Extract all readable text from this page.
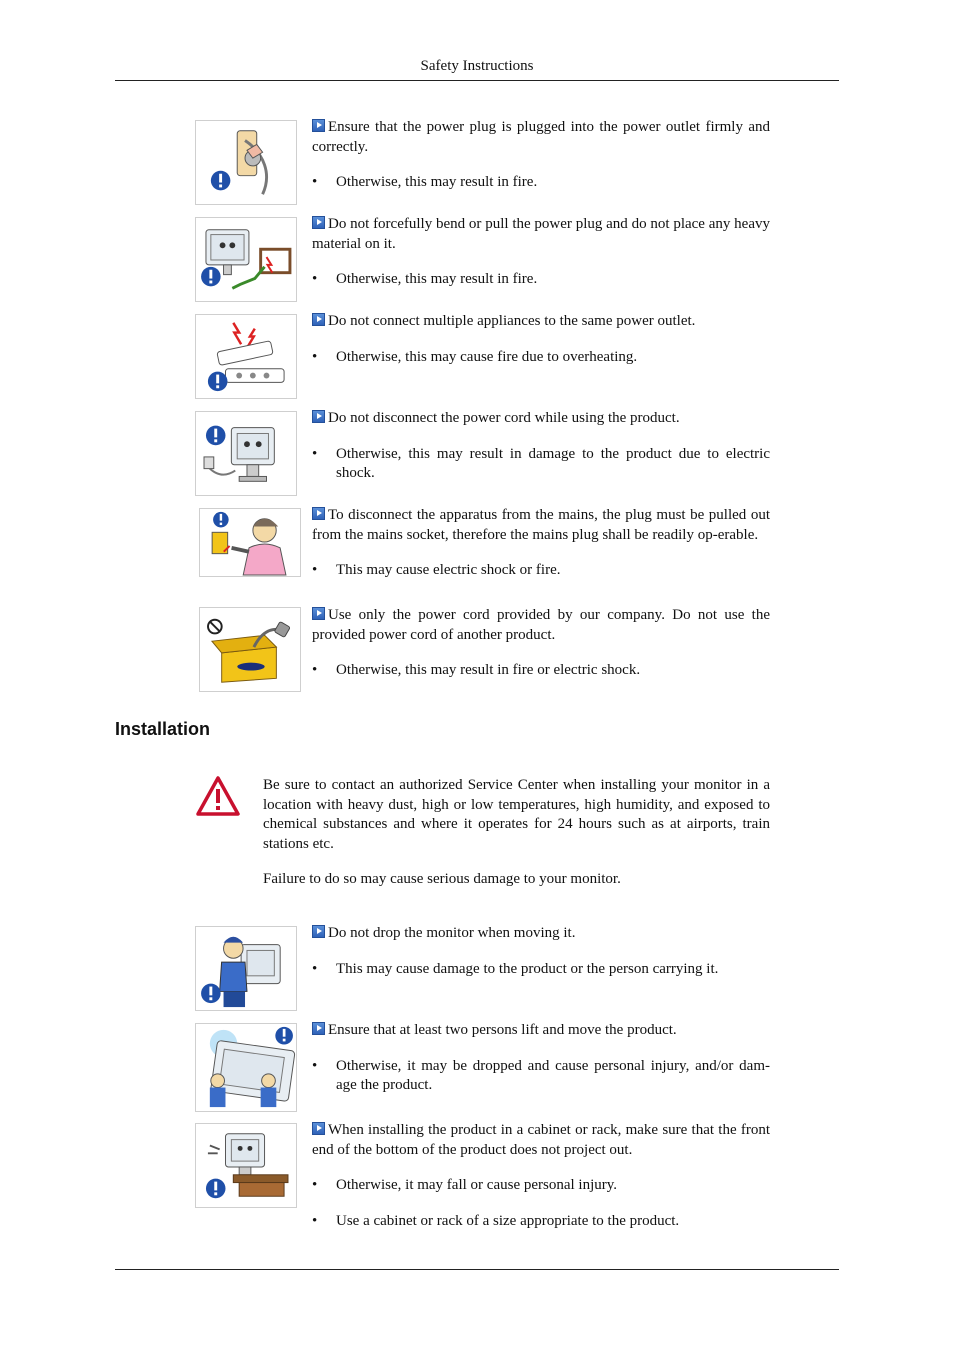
Safety Instructions

Ensure that the power plug is plugged into the power outlet firmly and correctly.

• Otherwise, this may result in fire.

Do not forcefully bend or pull the power plug and do not place any heavy material on it.

• Otherwise, this may result in fire.

Do not connect multiple appliances to the same power outlet.

• Otherwise, this may cause fire due to overheating.

Do not disconnect the power cord while using the product.

• Otherwise, this may result in damage to the product due to electric shock.

To disconnect the apparatus from the mains, the plug must be pulled out from the mains socket, therefore the mains plug shall be readily op-erable.

• This may cause electric shock or fire.

Use only the power cord provided by our company. Do not use the provided power cord of another product.

• Otherwise, this may result in fire or electric shock.
Installation

Be sure to contact an authorized Service Center when installing your monitor in a location with heavy dust, high or low temperatures, high humidity, and exposed to chemical substances and where it operates for 24 hours such as at airports, train stations etc.

Failure to do so may cause serious damage to your monitor.

Do not drop the monitor when moving it.

• This may cause damage to the product or the person carrying it.

Ensure that at least two persons lift and move the product.

• Otherwise, it may be dropped and cause personal injury, and/or dam-age the product.

When installing the product in a cabinet or rack, make sure that the front end of the bottom of the product does not project out.

• Otherwise, it may fall or cause personal injury.
• Use a cabinet or rack of a size appropriate to the product.
